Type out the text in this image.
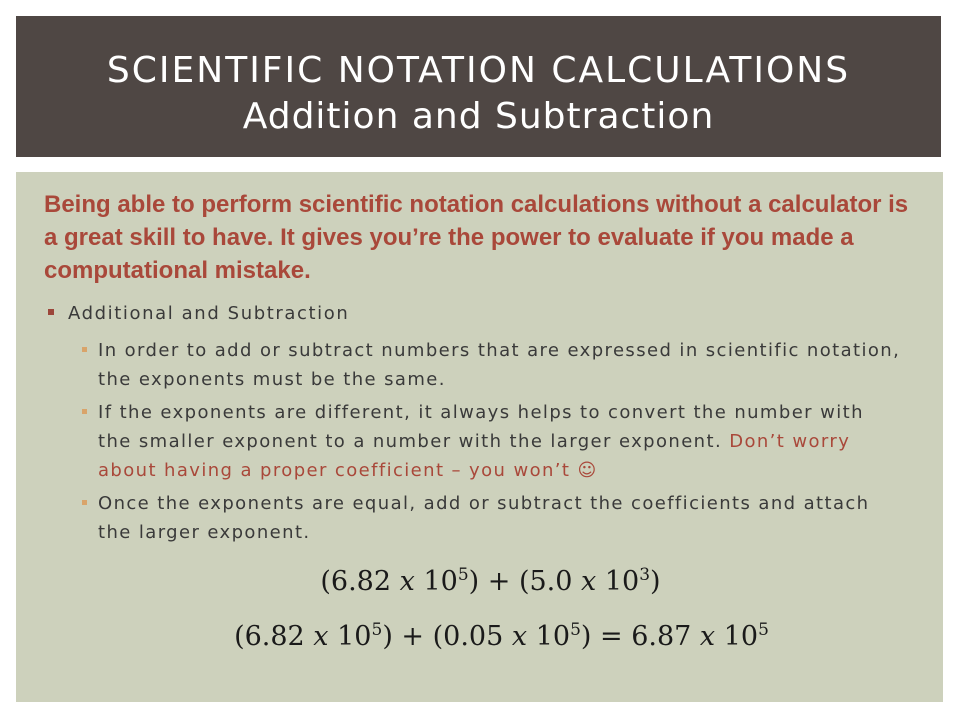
SCIENTIFIC NOTATION CALCULATIONS
Addition and Subtraction

Being able to perform scientific notation calculations without a calculator is a great skill to have. It gives you’re the power to evaluate if you made a computational mistake.

Additional and Subtraction
In order to add or subtract numbers that are expressed in scientific notation, the exponents must be the same.
If the exponents are different, it always helps to convert the number with the smaller exponent to a number with the larger exponent. Don’t worry about having a proper coefficient – you won’t ☺
Once the exponents are equal, add or subtract the coefficients and attach the larger exponent.
(6.82 x $10^5) + (5.0$ x $10^3$)
(6.82 x $10^5) + (0.05$ x $10^5) = 6.87$ x $10^5$
